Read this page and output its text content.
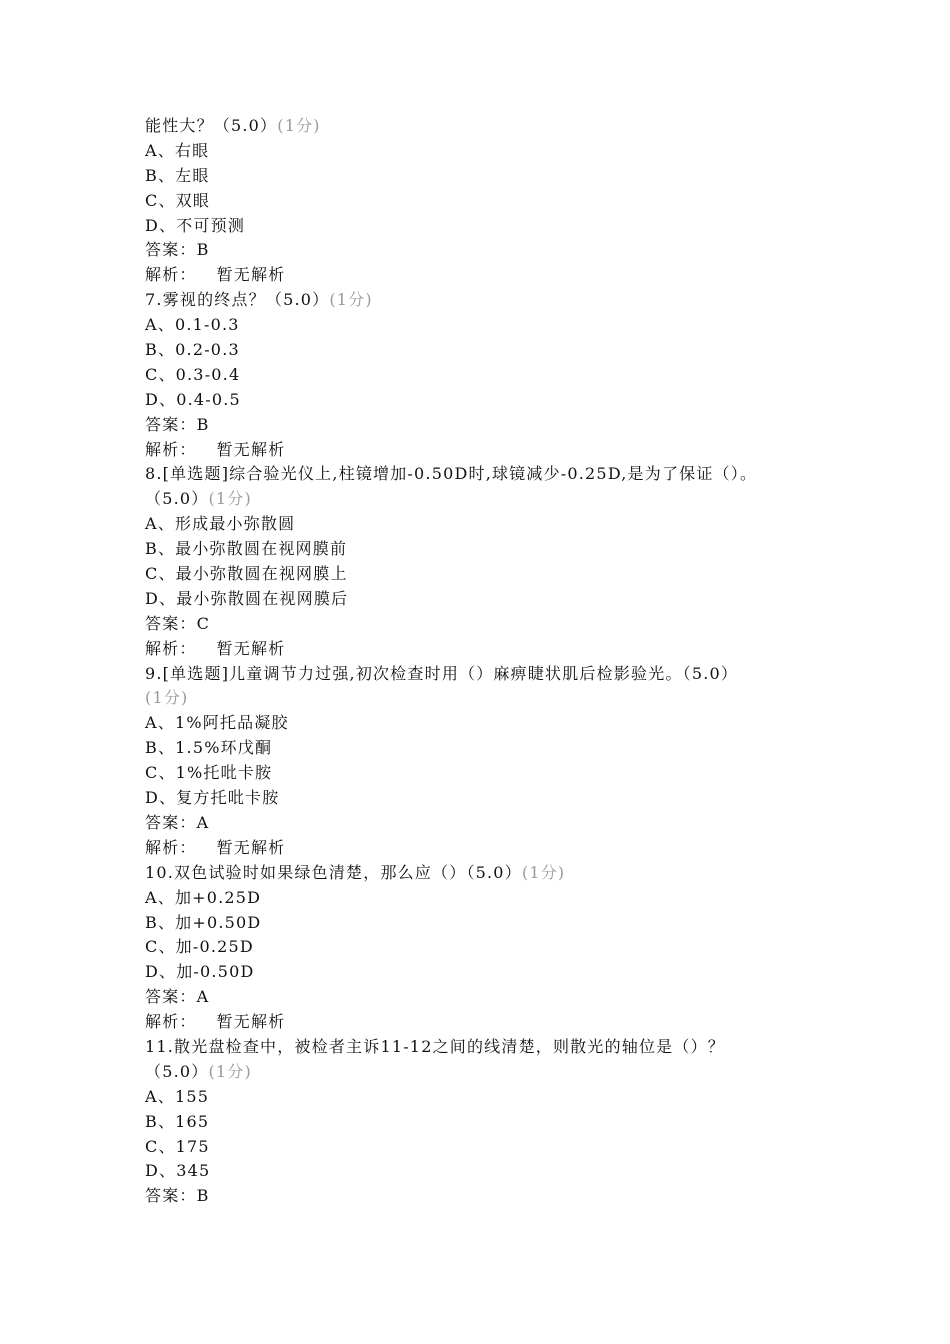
能性大？（5.0）(1分)
A、右眼
B、左眼
C、双眼
D、不可预测
答案：B
解析： 暂无解析
7.雾视的终点？（5.0）(1分)
A、0.1-0.3
B、0.2-0.3
C、0.3-0.4
D、0.4-0.5
答案：B
解析： 暂无解析
8.[单选题]综合验光仪上,柱镜增加-0.50D时,球镜减少-0.25D,是为了保证（）。
（5.0）(1分)
A、形成最小弥散圆
B、最小弥散圆在视网膜前
C、最小弥散圆在视网膜上
D、最小弥散圆在视网膜后
答案：C
解析： 暂无解析
9.[单选题]儿童调节力过强,初次检查时用（）麻痹睫状肌后检影验光。（5.0）
(1分)
A、1%阿托品凝胶
B、1.5%环戊酮
C、1%托吡卡胺
D、复方托吡卡胺
答案：A
解析： 暂无解析
10.双色试验时如果绿色清楚，那么应（）（5.0）(1分)
A、加+0.25D
B、加+0.50D
C、加-0.25D
D、加-0.50D
答案：A
解析： 暂无解析
11.散光盘检查中，被检者主诉11-12之间的线清楚，则散光的轴位是（）？
（5.0）(1分)
A、155
B、165
C、175
D、345
答案：B
